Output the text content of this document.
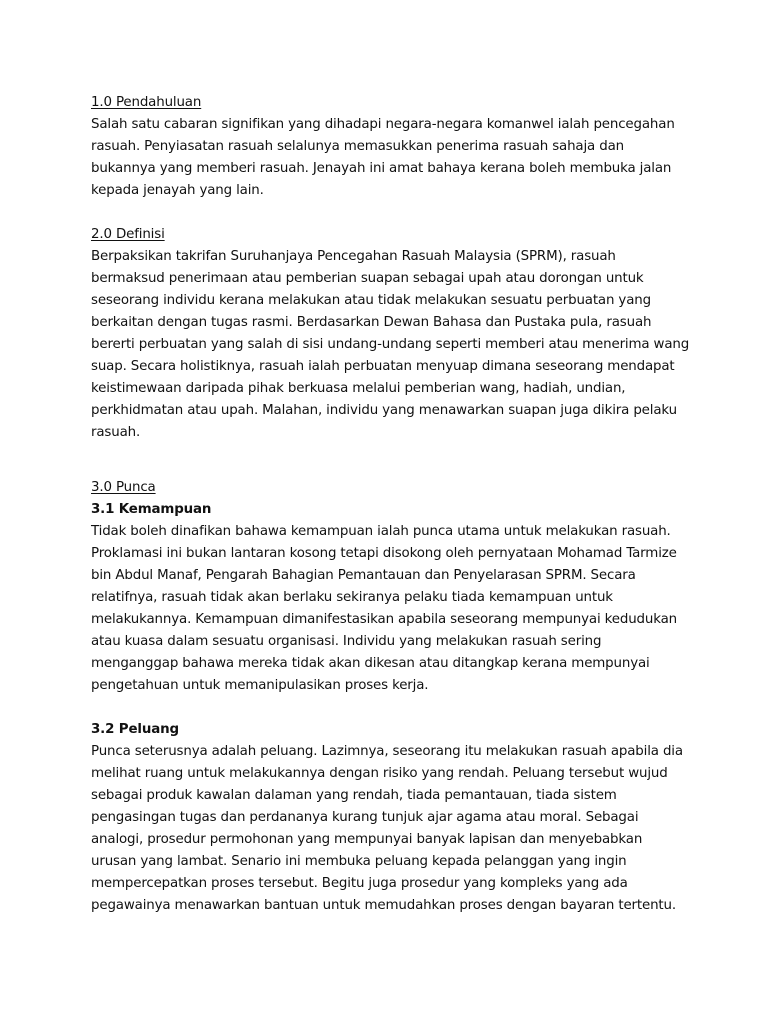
1.0 Pendahuluan

Salah satu cabaran signifikan yang dihadapi negara-negara komanwel ialah pencegahan rasuah. Penyiasatan rasuah selalunya memasukkan penerima rasuah sahaja dan bukannya yang memberi rasuah. Jenayah ini amat bahaya kerana boleh membuka jalan kepada jenayah yang lain.

2.0 Definisi

Berpaksikan takrifan Suruhanjaya Pencegahan Rasuah Malaysia (SPRM), rasuah bermaksud penerimaan atau pemberian suapan sebagai upah atau dorongan untuk seseorang individu kerana melakukan atau tidak melakukan sesuatu perbuatan yang berkaitan dengan tugas rasmi. Berdasarkan Dewan Bahasa dan Pustaka pula, rasuah bererti perbuatan yang salah di sisi undang-undang seperti memberi atau menerima wang suap. Secara holistiknya, rasuah ialah perbuatan menyuap dimana seseorang mendapat keistimewaan daripada pihak berkuasa melalui pemberian wang, hadiah, undian, perkhidmatan atau upah. Malahan, individu yang menawarkan suapan juga dikira pelaku rasuah.

3.0 Punca

3.1 Kemampuan

Tidak boleh dinafikan bahawa kemampuan ialah punca utama untuk melakukan rasuah. Proklamasi ini bukan lantaran kosong tetapi disokong oleh pernyataan Mohamad Tarmize bin Abdul Manaf, Pengarah Bahagian Pemantauan dan Penyelarasan SPRM. Secara relatifnya, rasuah tidak akan berlaku sekiranya pelaku tiada kemampuan untuk melakukannya. Kemampuan dimanifestasikan apabila seseorang mempunyai kedudukan atau kuasa dalam sesuatu organisasi. Individu yang melakukan rasuah sering menganggap bahawa mereka tidak akan dikesan atau ditangkap kerana mempunyai pengetahuan untuk memanipulasikan proses kerja.

3.2 Peluang

Punca seterusnya adalah peluang. Lazimnya, seseorang itu melakukan rasuah apabila dia melihat ruang untuk melakukannya dengan risiko yang rendah. Peluang tersebut wujud sebagai produk kawalan dalaman yang rendah, tiada pemantauan, tiada sistem pengasingan tugas dan perdananya kurang tunjuk ajar agama atau moral. Sebagai analogi, prosedur permohonan yang mempunyai banyak lapisan dan menyebabkan urusan yang lambat. Senario ini membuka peluang kepada pelanggan yang ingin mempercepatkan proses tersebut. Begitu juga prosedur yang kompleks yang ada pegawainya menawarkan bantuan untuk memudahkan proses dengan bayaran tertentu.
